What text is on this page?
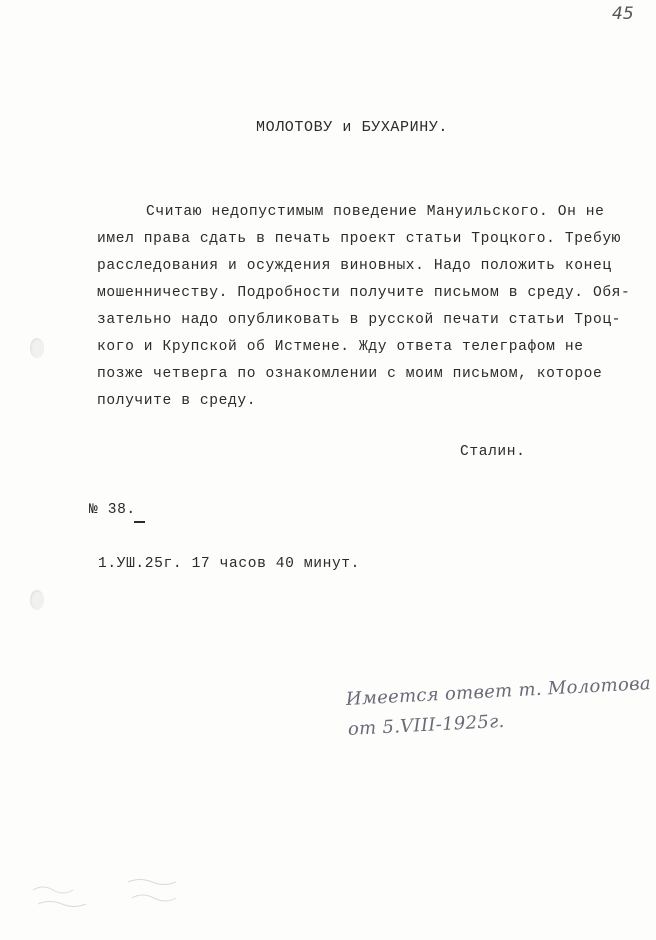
45
МОЛОТОВУ и БУХАРИНУ.
Считаю недопустимым поведение Мануильского. Он не
имел права сдать в печать проект статьи Троцкого. Требую
расследования и осуждения виновных. Надо положить конец
мошенничеству. Подробности получите письмом в среду. Обя-
зательно надо опубликовать в русской печати статьи Троц-
кого и Крупской об Истмене. Жду ответа телеграфом не
позже четверга по ознакомлении с моим письмом, которое
получите в среду.
Сталин.
№ 38.
1.УШ.25г. 17 часов 40 минут.
Имеется ответ т. Молотова
от 5.VIII-1925г.
